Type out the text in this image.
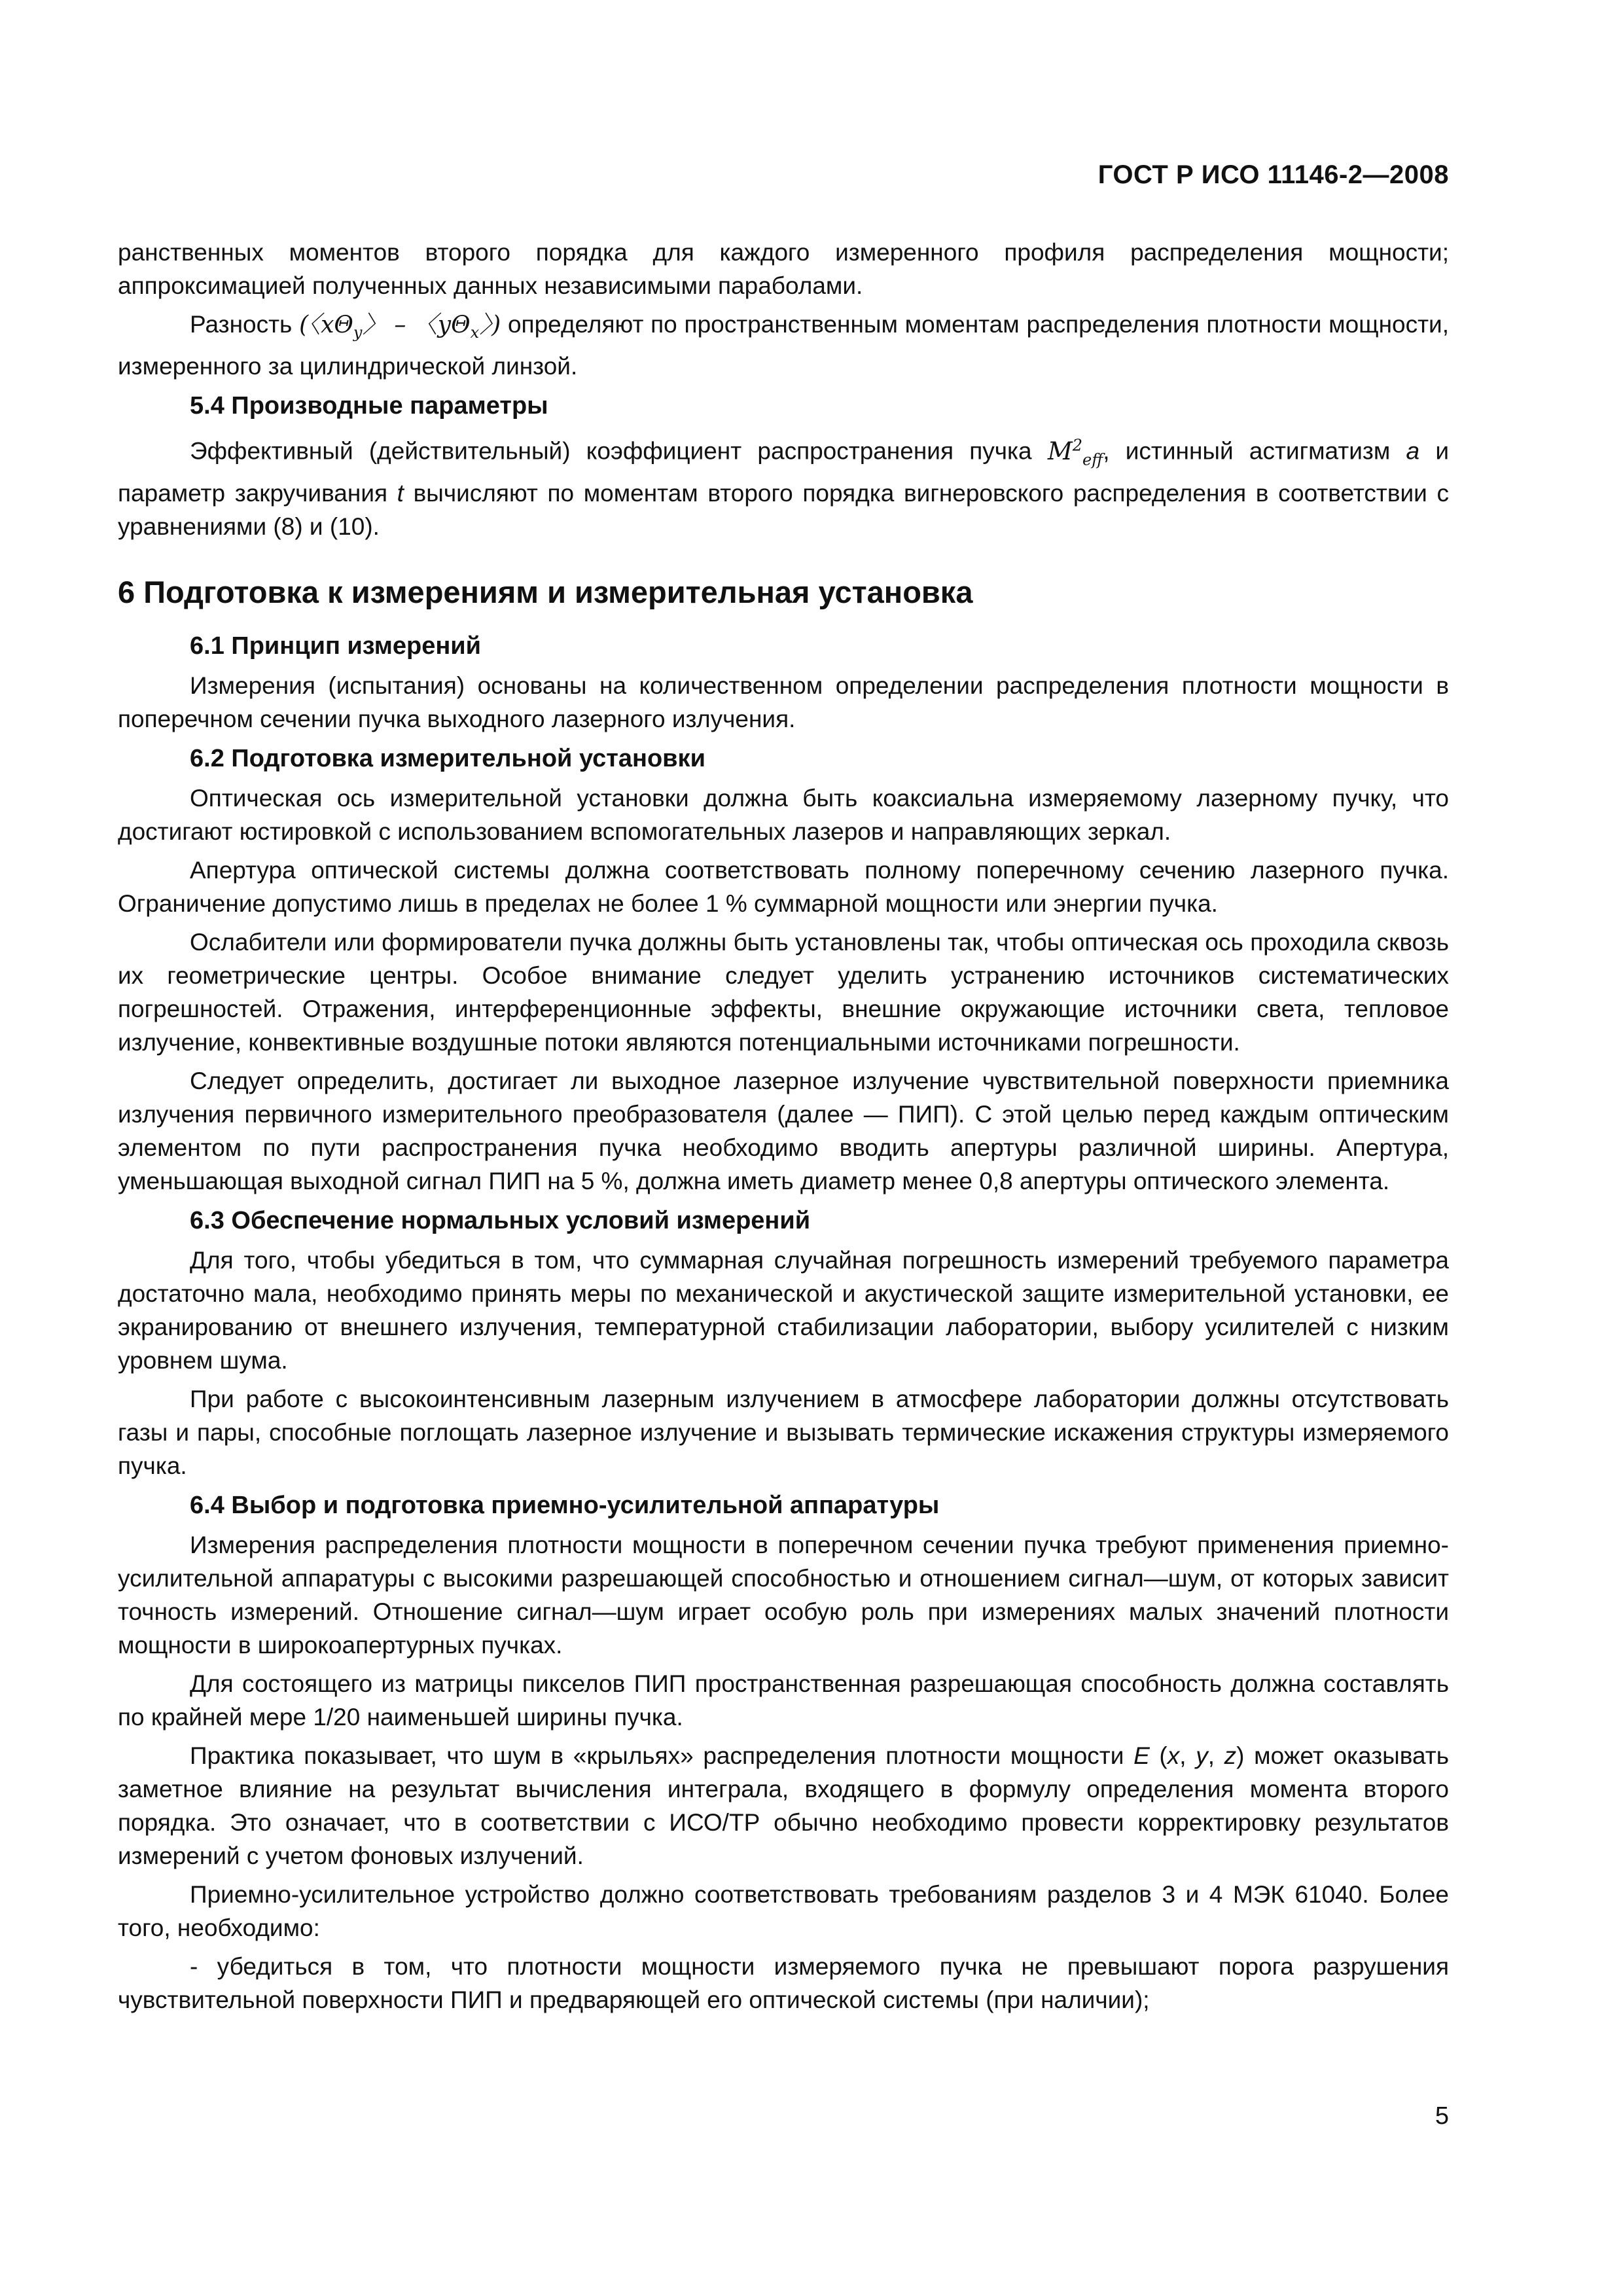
ГОСТ Р ИСО 11146-2—2008

ранственных моментов второго порядка для каждого измеренного профиля распределения мощности; аппроксимацией полученных данных независимыми параболами.

Разность (〈$x\Theta_y$〉 – 〈$y\Theta_x$〉) определяют по пространственным моментам распределения плотности мощности, измеренного за цилиндрической линзой.

5.4 Производные параметры

Эффективный (действительный) коэффициент распространения пучка $M^2_{eff}$, истинный астигматизм a и параметр закручивания t вычисляют по моментам второго порядка вигнеровского распределения в соответствии с уравнениями (8) и (10).

6 Подготовка к измерениям и измерительная установка
6.1 Принцип измерений

Измерения (испытания) основаны на количественном определении распределения плотности мощности в поперечном сечении пучка выходного лазерного излучения.

6.2 Подготовка измерительной установки

Оптическая ось измерительной установки должна быть коаксиальна измеряемому лазерному пучку, что достигают юстировкой с использованием вспомогательных лазеров и направляющих зеркал.

Апертура оптической системы должна соответствовать полному поперечному сечению лазерного пучка. Ограничение допустимо лишь в пределах не более 1 % суммарной мощности или энергии пучка.

Ослабители или формирователи пучка должны быть установлены так, чтобы оптическая ось проходила сквозь их геометрические центры. Особое внимание следует уделить устранению источников систематических погрешностей. Отражения, интерференционные эффекты, внешние окружающие источники света, тепловое излучение, конвективные воздушные потоки являются потенциальными источниками погрешности.

Следует определить, достигает ли выходное лазерное излучение чувствительной поверхности приемника излучения первичного измерительного преобразователя (далее — ПИП). С этой целью перед каждым оптическим элементом по пути распространения пучка необходимо вводить апертуры различной ширины. Апертура, уменьшающая выходной сигнал ПИП на 5 %, должна иметь диаметр менее 0,8 апертуры оптического элемента.

6.3 Обеспечение нормальных условий измерений

Для того, чтобы убедиться в том, что суммарная случайная погрешность измерений требуемого параметра достаточно мала, необходимо принять меры по механической и акустической защите измерительной установки, ее экранированию от внешнего излучения, температурной стабилизации лаборатории, выбору усилителей с низким уровнем шума.

При работе с высокоинтенсивным лазерным излучением в атмосфере лаборатории должны отсутствовать газы и пары, способные поглощать лазерное излучение и вызывать термические искажения структуры измеряемого пучка.

6.4 Выбор и подготовка приемно-усилительной аппаратуры

Измерения распределения плотности мощности в поперечном сечении пучка требуют применения приемно-усилительной аппаратуры с высокими разрешающей способностью и отношением сигнал—шум, от которых зависит точность измерений. Отношение сигнал—шум играет особую роль при измерениях малых значений плотности мощности в широкоапертурных пучках.

Для состоящего из матрицы пикселов ПИП пространственная разрешающая способность должна составлять по крайней мере 1/20 наименьшей ширины пучка.

Практика показывает, что шум в «крыльях» распределения плотности мощности E (x, y, z) может оказывать заметное влияние на результат вычисления интеграла, входящего в формулу определения момента второго порядка. Это означает, что в соответствии с ИСО/ТР обычно необходимо провести корректировку результатов измерений с учетом фоновых излучений.

Приемно-усилительное устройство должно соответствовать требованиям разделов 3 и 4 МЭК 61040. Более того, необходимо:

- убедиться в том, что плотности мощности измеряемого пучка не превышают порога разрушения чувствительной поверхности ПИП и предваряющей его оптической системы (при наличии);

5
